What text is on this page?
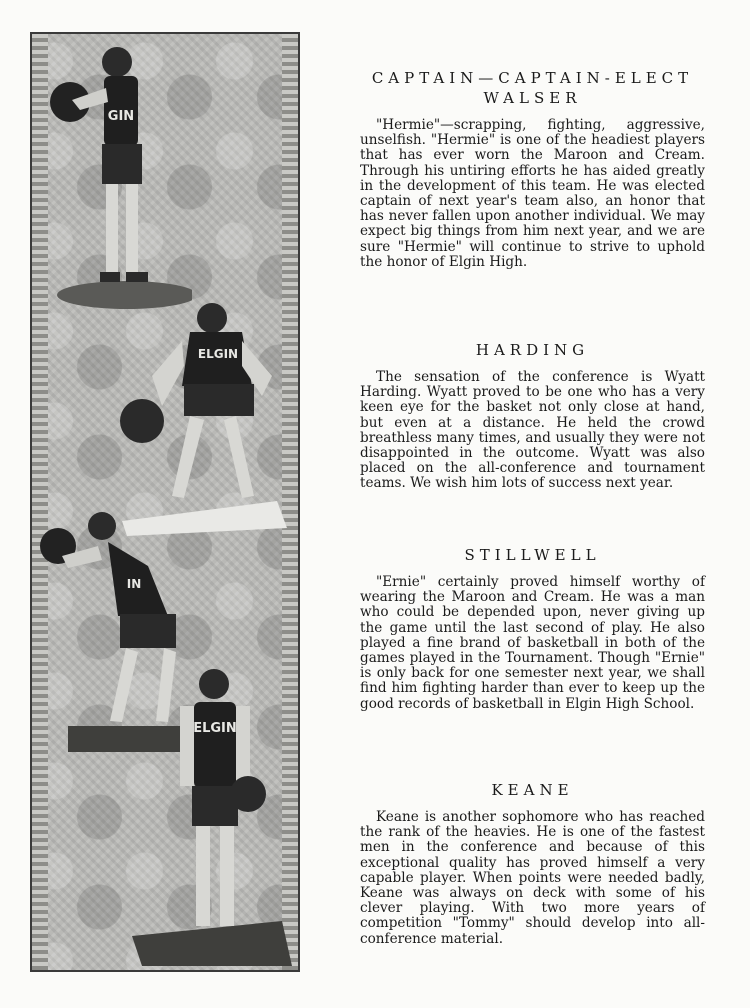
GIN
ELGIN
IN
ELGIN
CAPTAIN—CAPTAIN-ELECT
WALSER

"Hermie"—scrapping, fighting, aggressive, unselfish. "Hermie" is one of the headiest players that has ever worn the Maroon and Cream. Through his untiring efforts he has aided greatly in the development of this team. He was elected captain of next year's team also, an honor that has never fallen upon another individual. We may expect big things from him next year, and we are sure "Hermie" will continue to strive to uphold the honor of Elgin High.

HARDING

The sensation of the conference is Wyatt Harding. Wyatt proved to be one who has a very keen eye for the basket not only close at hand, but even at a distance. He held the crowd breathless many times, and usually they were not disappointed in the outcome. Wyatt was also placed on the all-conference and tournament teams. We wish him lots of success next year.

STILLWELL

"Ernie" certainly proved himself worthy of wearing the Maroon and Cream. He was a man who could be depended upon, never giving up the game until the last second of play. He also played a fine brand of basketball in both of the games played in the Tournament. Though "Ernie" is only back for one semester next year, we shall find him fighting harder than ever to keep up the good records of basketball in Elgin High School.

KEANE

Keane is another sophomore who has reached the rank of the heavies. He is one of the fastest men in the conference and because of this exceptional quality has proved himself a very capable player. When points were needed badly, Keane was always on deck with some of his clever playing. With two more years of competition "Tommy" should develop into all-conference material.
